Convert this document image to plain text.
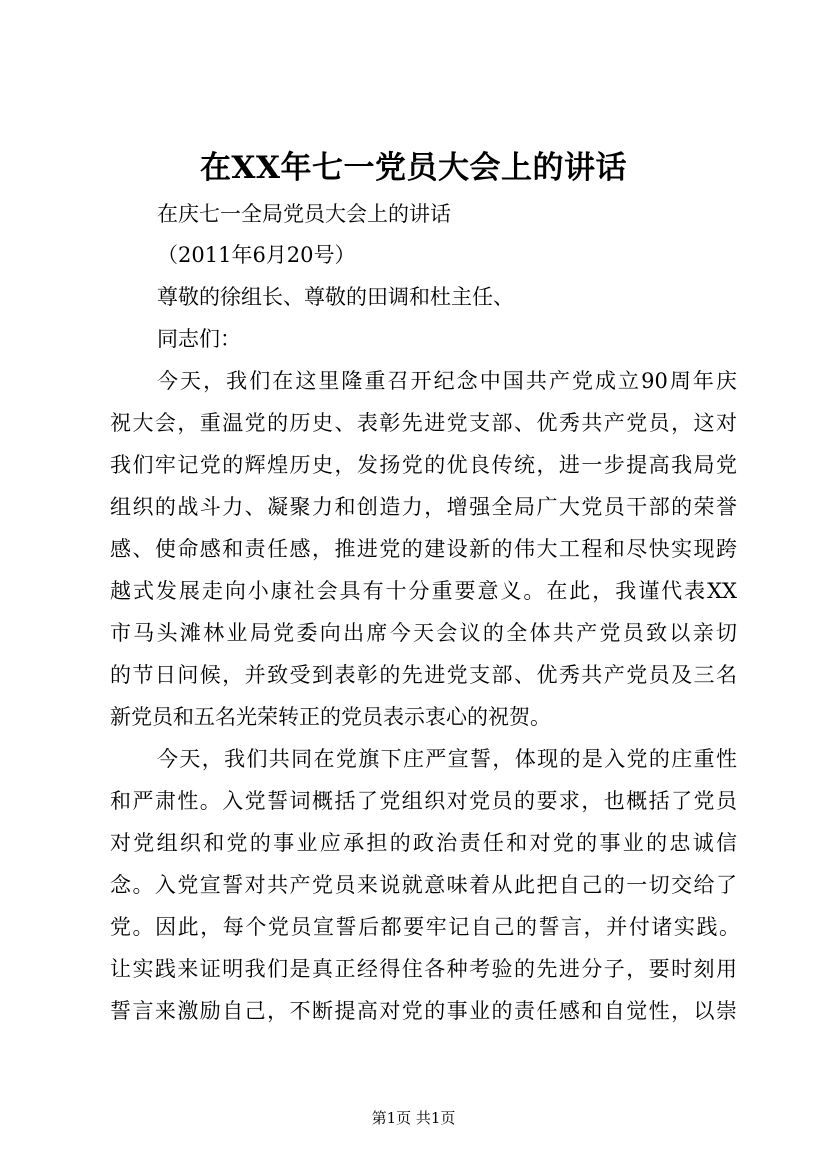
在XX年七一党员大会上的讲话
在庆七一全局党员大会上的讲话
（2011年6月20号）
尊敬的徐组长、尊敬的田调和杜主任、
同志们：
今天，我们在这里隆重召开纪念中国共产党成立90周年庆
祝大会，重温党的历史、表彰先进党支部、优秀共产党员，这对
我们牢记党的辉煌历史，发扬党的优良传统，进一步提高我局党
组织的战斗力、凝聚力和创造力，增强全局广大党员干部的荣誉
感、使命感和责任感，推进党的建设新的伟大工程和尽快实现跨
越式发展走向小康社会具有十分重要意义。在此，我谨代表XX
市马头滩林业局党委向出席今天会议的全体共产党员致以亲切
的节日问候，并致受到表彰的先进党支部、优秀共产党员及三名
新党员和五名光荣转正的党员表示衷心的祝贺。
今天，我们共同在党旗下庄严宣誓，体现的是入党的庄重性
和严肃性。入党誓词概括了党组织对党员的要求，也概括了党员
对党组织和党的事业应承担的政治责任和对党的事业的忠诚信
念。入党宣誓对共产党员来说就意味着从此把自己的一切交给了
党。因此，每个党员宣誓后都要牢记自己的誓言，并付诸实践。
让实践来证明我们是真正经得住各种考验的先进分子，要时刻用
誓言来激励自己，不断提高对党的事业的责任感和自觉性，以崇
第1页 共1页
